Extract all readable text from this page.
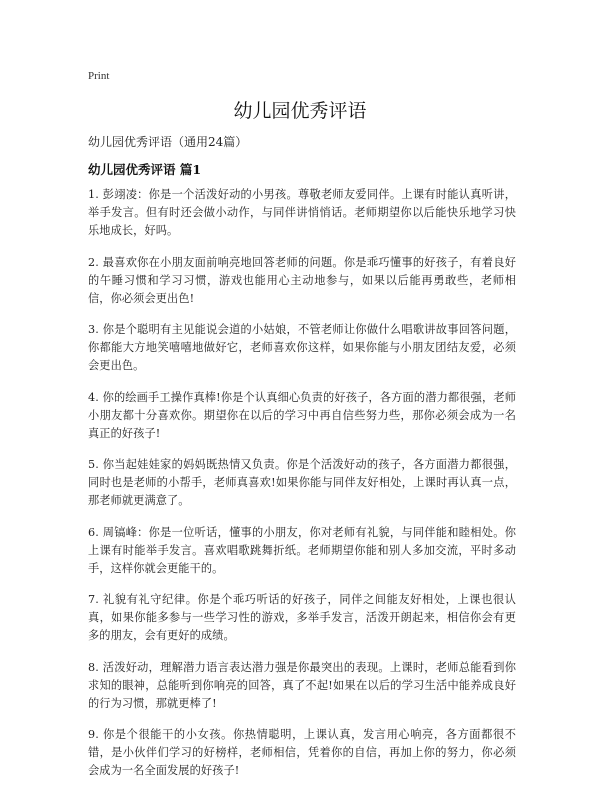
Print
幼儿园优秀评语
幼儿园优秀评语（通用24篇）
幼儿园优秀评语 篇1

1. 彭翊凌：你是一个活泼好动的小男孩。尊敬老师友爱同伴。上课有时能认真听讲，举手发言。但有时还会做小动作，与同伴讲悄悄话。老师期望你以后能快乐地学习快乐地成长，好吗。

2. 最喜欢你在小朋友面前响亮地回答老师的问题。你是乖巧懂事的好孩子，有着良好的午睡习惯和学习习惯，游戏也能用心主动地参与，如果以后能再勇敢些，老师相信，你必须会更出色!

3. 你是个聪明有主见能说会道的小姑娘，不管老师让你做什么唱歌讲故事回答问题，你都能大方地笑嘻嘻地做好它，老师喜欢你这样，如果你能与小朋友团结友爱，必须会更出色。

4. 你的绘画手工操作真棒!你是个认真细心负责的好孩子，各方面的潜力都很强，老师小朋友都十分喜欢你。期望你在以后的学习中再自信些努力些，那你必须会成为一名真正的好孩子!

5. 你当起娃娃家的妈妈既热情又负责。你是个活泼好动的孩子，各方面潜力都很强，同时也是老师的小帮手，老师真喜欢!如果你能与同伴友好相处，上课时再认真一点，那老师就更满意了。

6. 周镐峰：你是一位听话，懂事的小朋友，你对老师有礼貌，与同伴能和睦相处。你上课有时能举手发言。喜欢唱歌跳舞折纸。老师期望你能和别人多加交流，平时多动手，这样你就会更能干的。

7. 礼貌有礼守纪律。你是个乖巧听话的好孩子，同伴之间能友好相处，上课也很认真，如果你能多参与一些学习性的游戏，多举手发言，活泼开朗起来，相信你会有更多的朋友，会有更好的成绩。

8. 活泼好动，理解潜力语言表达潜力强是你最突出的表现。上课时，老师总能看到你求知的眼神，总能听到你响亮的回答，真了不起!如果在以后的学习生活中能养成良好的行为习惯，那就更棒了!

9. 你是个很能干的小女孩。你热情聪明，上课认真，发言用心响亮，各方面都很不错，是小伙伴们学习的好榜样，老师相信，凭着你的自信，再加上你的努力，你必须会成为一名全面发展的好孩子!
